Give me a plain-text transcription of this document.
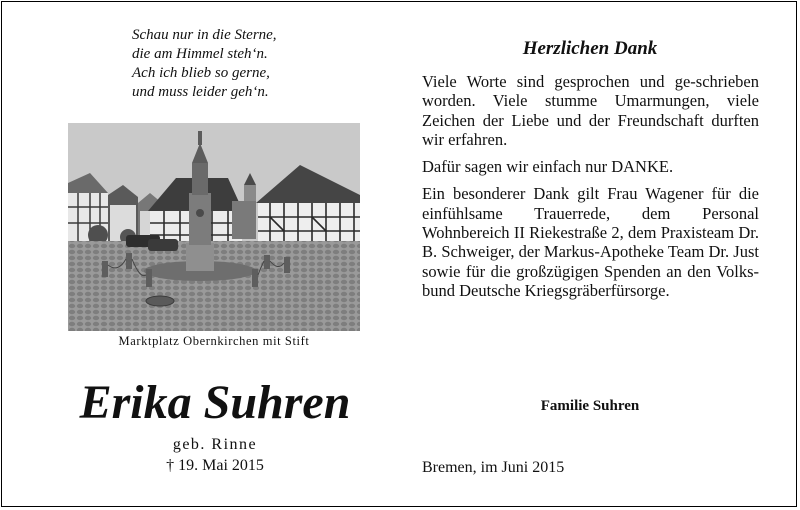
Schau nur in die Sterne,
die am Himmel steh‘n.
Ach ich blieb so gerne,
und muss leider geh‘n.
Marktplatz Obernkirchen mit Stift
Erika Suhren
geb. Rinne
† 19. Mai 2015
Herzlichen Dank

Viele Worte sind gesprochen und ge-schrieben worden. Viele stumme Umarmungen, viele Zeichen der Liebe und der Freundschaft durften wir erfahren.

Dafür sagen wir einfach nur DANKE.

Ein besonderer Dank gilt Frau Wagener für die einfühlsame Trauerrede, dem Personal Wohnbereich II Riekestraße 2, dem Praxisteam Dr. B. Schweiger, der Markus-Apotheke Team Dr. Just sowie für die großzügigen Spenden an den Volks-bund Deutsche Kriegsgräberfürsorge.

Familie Suhren
Bremen, im Juni 2015
